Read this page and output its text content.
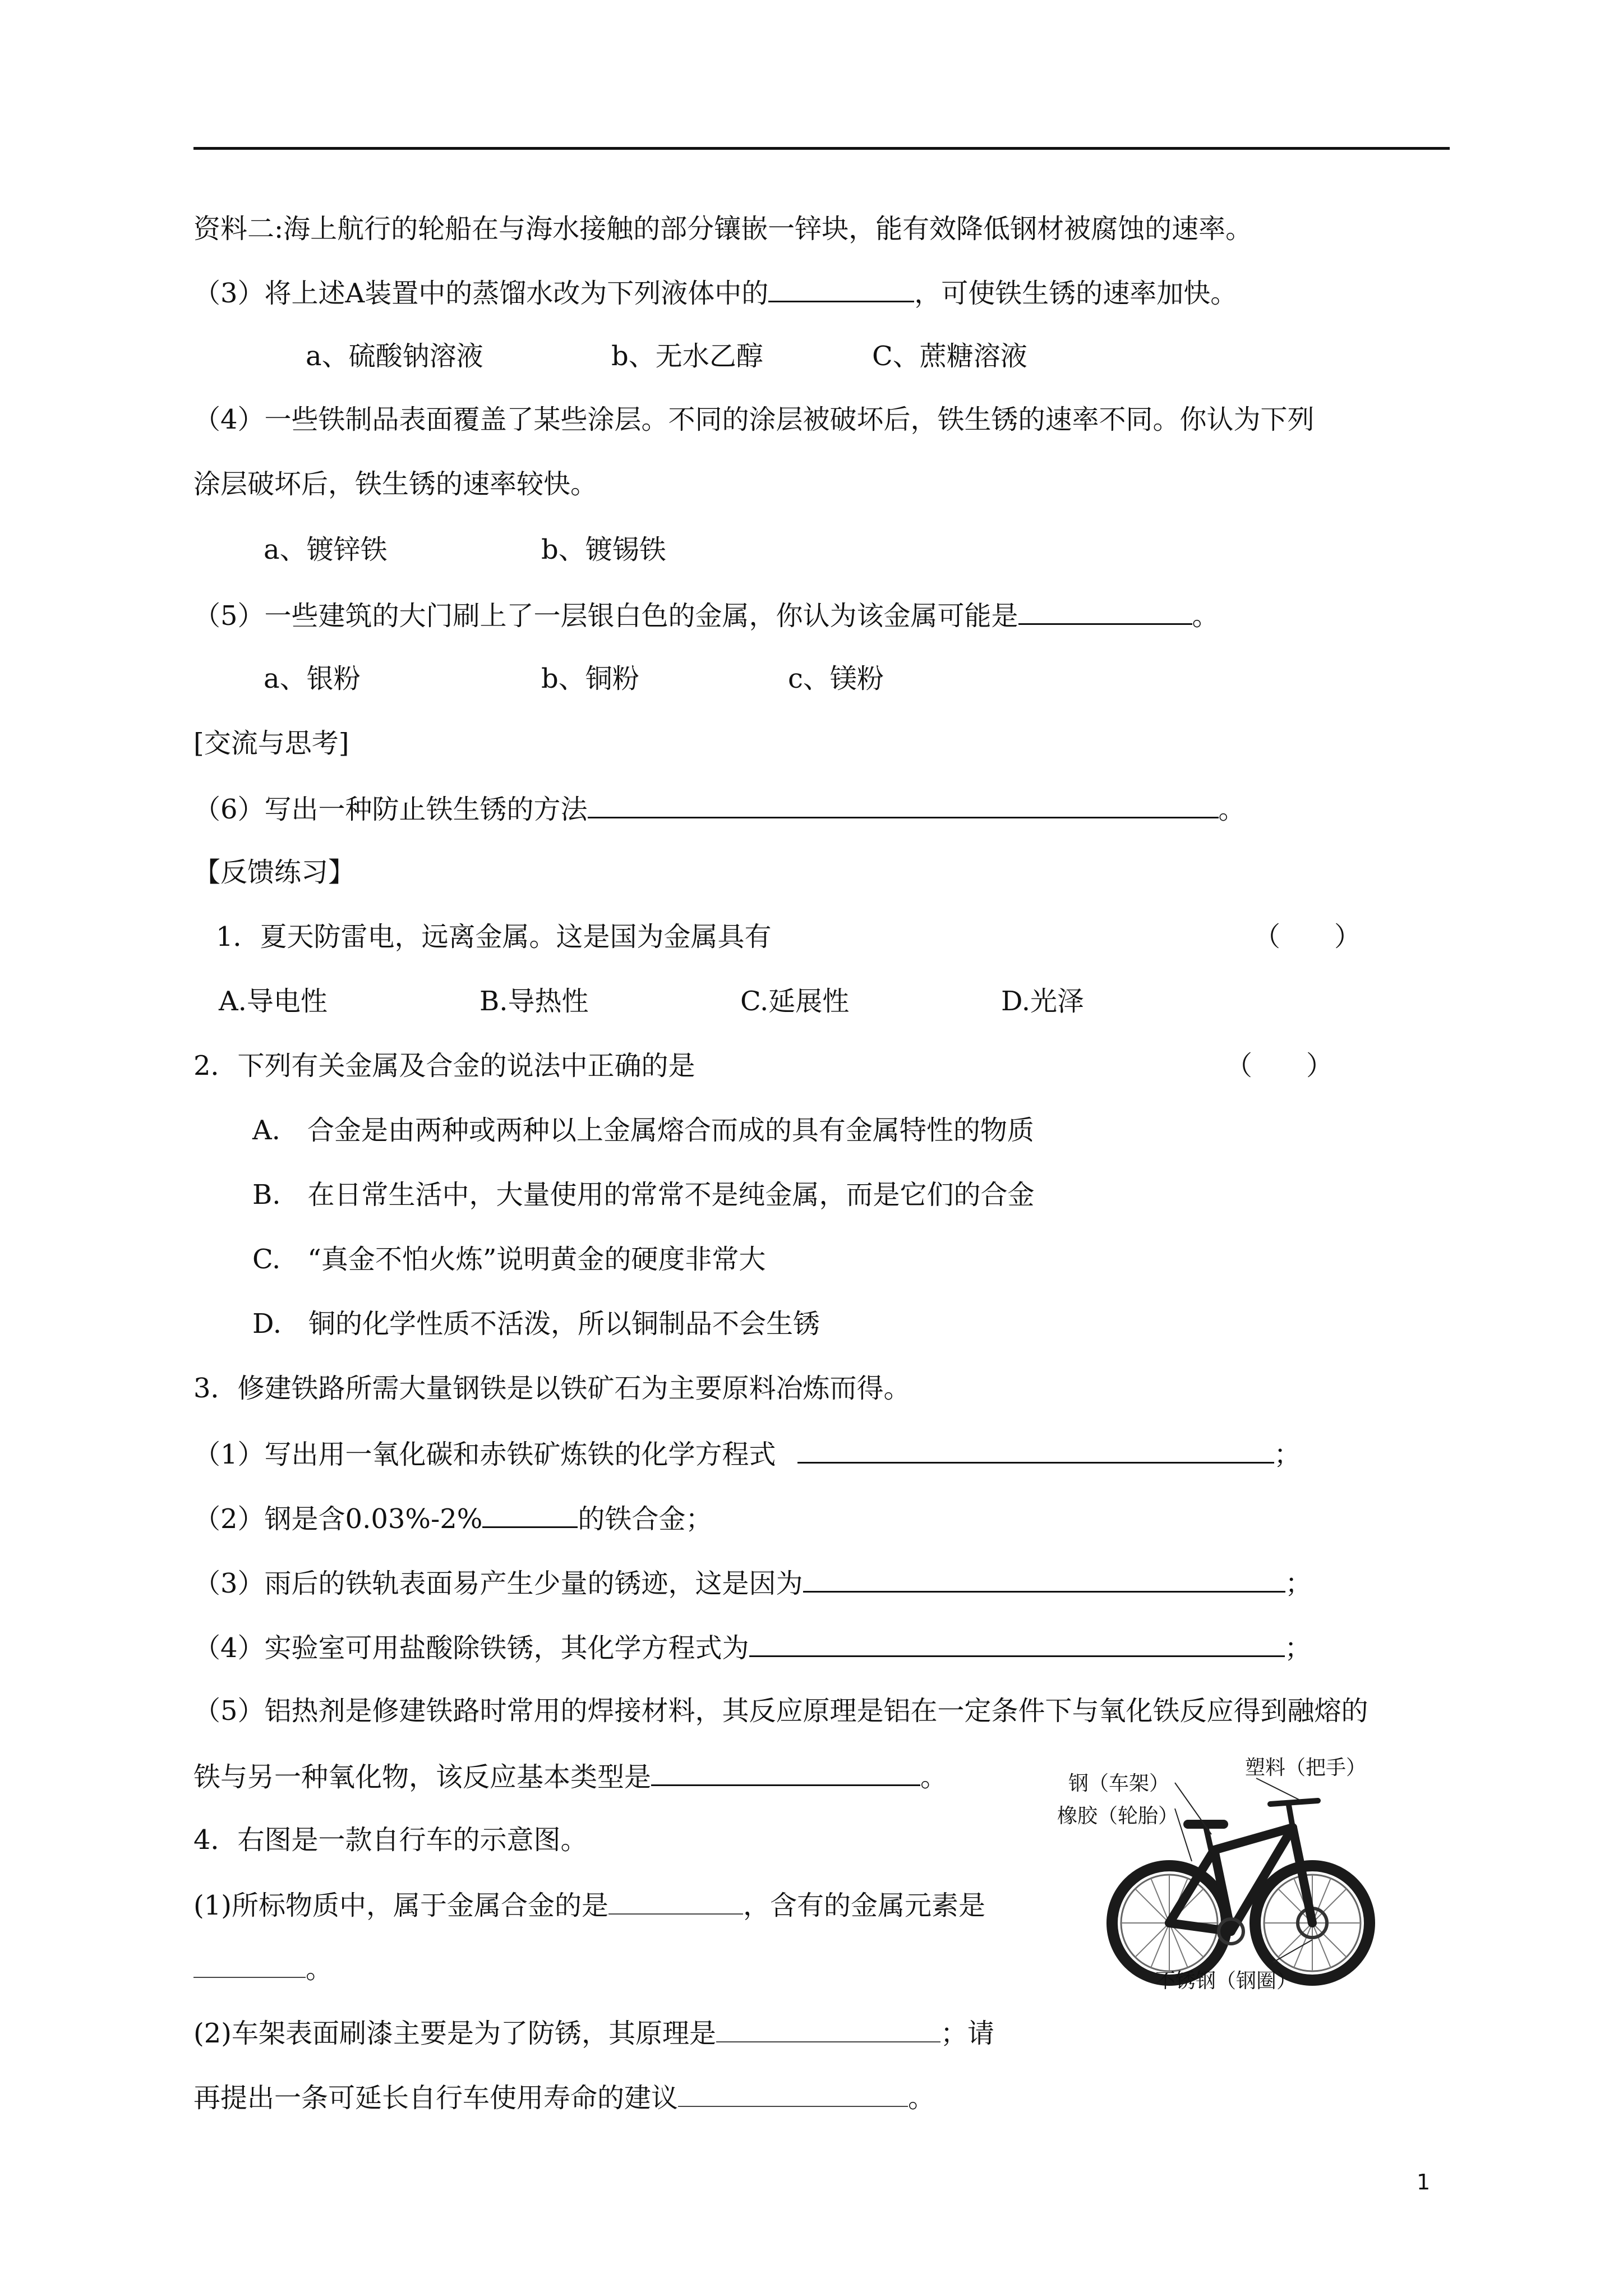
资料二:海上航行的轮船在与海水接触的部分镶嵌一锌块，能有效降低钢材被腐蚀的速率。
（3）将上述A装置中的蒸馏水改为下列液体中的	，可使铁生锈的速率加快。
a、硫酸钠溶液	b、无水乙醇	C、蔗糖溶液
（4）一些铁制品表面覆盖了某些涂层。不同的涂层被破坏后，铁生锈的速率不同。你认为下列
涂层破坏后，铁生锈的速率较快。
a、镀锌铁	b、镀锡铁
（5）一些建筑的大门刷上了一层银白色的金属，你认为该金属可能是	。
a、银粉	b、铜粉	c、镁粉
[交流与思考]
（6）写出一种防止铁生锈的方法	。
【反馈练习】
1．夏天防雷电，远离金属。这是国为金属具有	（　　）
A.导电性	B.导热性	C.延展性	D.光泽
2．下列有关金属及合金的说法中正确的是	（　　）
A.　合金是由两种或两种以上金属熔合而成的具有金属特性的物质
B.　在日常生活中，大量使用的常常不是纯金属，而是它们的合金
C.　“真金不怕火炼”说明黄金的硬度非常大
D.　铜的化学性质不活泼，所以铜制品不会生锈
3．修建铁路所需大量钢铁是以铁矿石为主要原料冶炼而得。
（1）写出用一氧化碳和赤铁矿炼铁的化学方程式	；
（2）钢是含0.03%-2%	的铁合金；
（3）雨后的铁轨表面易产生少量的锈迹，这是因为	；
（4）实验室可用盐酸除铁锈，其化学方程式为	；
（5）铝热剂是修建铁路时常用的焊接材料，其反应原理是铝在一定条件下与氧化铁反应得到融熔的
铁与另一种氧化物，该反应基本类型是	。
4．右图是一款自行车的示意图。
(1)所标物质中，属于金属合金的是	，含有的金属元素是
。
(2)车架表面刷漆主要是为了防锈，其原理是	；请
再提出一条可延长自行车使用寿命的建议	。
钢（车架）
橡胶（轮胎）
塑料（把手）
不锈钢（钢圈）
1
